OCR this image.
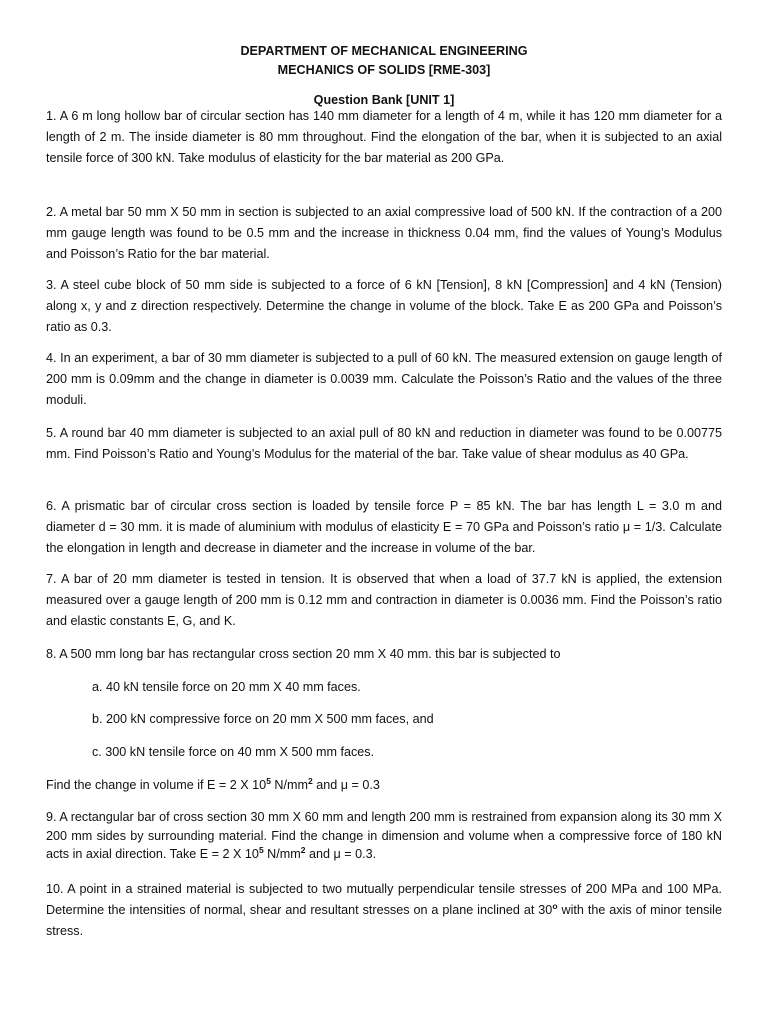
DEPARTMENT OF MECHANICAL ENGINEERING
MECHANICS OF SOLIDS [RME-303]
Question Bank [UNIT 1]
1. A 6 m long hollow bar of circular section has 140 mm diameter for a length of 4 m, while it has 120 mm diameter for a length of 2 m. The inside diameter is 80 mm throughout. Find the elongation of the bar, when it is subjected to an axial tensile force of 300 kN. Take modulus of elasticity for the bar material as 200 GPa.
2. A metal bar 50 mm X 50 mm in section is subjected to an axial compressive load of 500 kN. If the contraction of a 200 mm gauge length was found to be 0.5 mm and the increase in thickness 0.04 mm, find the values of Young’s Modulus and Poisson’s Ratio for the bar material.
3. A steel cube block of 50 mm side is subjected to a force of 6 kN [Tension], 8 kN [Compression] and 4 kN (Tension) along x, y and z direction respectively. Determine the change in volume of the block. Take E as 200 GPa and Poisson’s ratio as 0.3.
4. In an experiment, a bar of 30 mm diameter is subjected to a pull of 60 kN. The measured extension on gauge length of 200 mm is 0.09mm and the change in diameter is 0.0039 mm. Calculate the Poisson’s Ratio and the values of the three moduli.
5. A round bar 40 mm diameter is subjected to an axial pull of 80 kN and reduction in diameter was found to be 0.00775 mm. Find Poisson’s Ratio and Young’s Modulus for the material of the bar. Take value of shear modulus as 40 GPa.
6. A prismatic bar of circular cross section is loaded by tensile force P = 85 kN. The bar has length L = 3.0 m and diameter d = 30 mm. it is made of aluminium with modulus of elasticity E = 70 GPa and Poisson’s ratio μ = 1/3. Calculate the elongation in length and decrease in diameter and the increase in volume of the bar.
7. A bar of 20 mm diameter is tested in tension. It is observed that when a load of 37.7 kN is applied, the extension measured over a gauge length of 200 mm is 0.12 mm and contraction in diameter is 0.0036 mm. Find the Poisson’s ratio and elastic constants E, G, and K.
8. A 500 mm long bar has rectangular cross section 20 mm X 40 mm. this bar is subjected to
a. 40 kN tensile force on 20 mm X 40 mm faces.
b. 200 kN compressive force on 20 mm X 500 mm faces, and
c. 300 kN tensile force on 40 mm X 500 mm faces.
Find the change in volume if E = 2 X $10^5$ $N/mm^2$ and μ = 0.3
9. A rectangular bar of cross section 30 mm X 60 mm and length 200 mm is restrained from expansion along its 30 mm X 200 mm sides by surrounding material. Find the change in dimension and volume when a compressive force of 180 kN acts in axial direction. Take E = 2 X $10^5$ $N/mm^2$ and μ = 0.3.
10. A point in a strained material is subjected to two mutually perpendicular tensile stresses of 200 MPa and 100 MPa. Determine the intensities of normal, shear and resultant stresses on a plane inclined at 30$^o$ with the axis of minor tensile stress.
